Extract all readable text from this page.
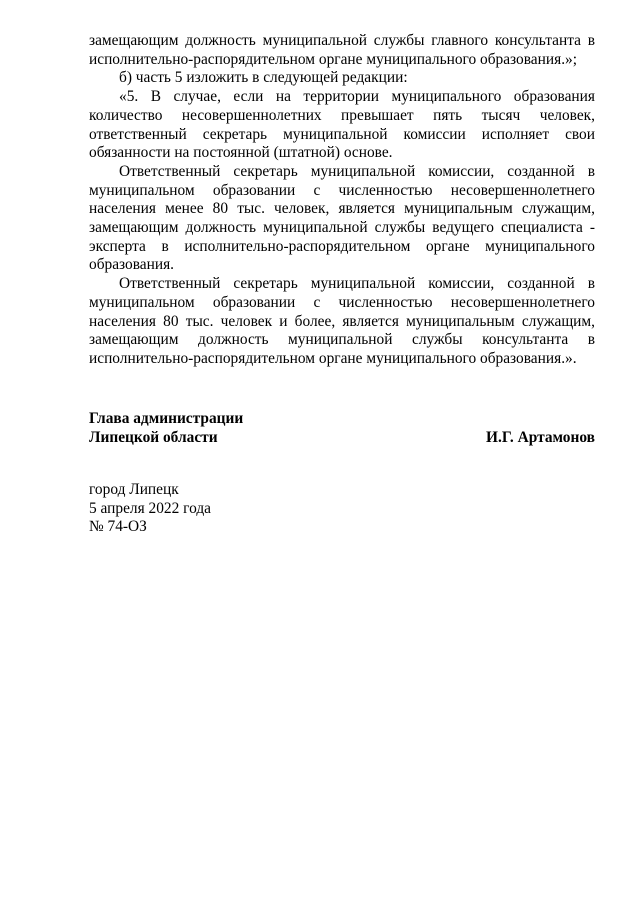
замещающим должность муниципальной службы главного консультанта в исполнительно-распорядительном органе муниципального образования.»;

б) часть 5 изложить в следующей редакции:

«5. В случае, если на территории муниципального образования количество несовершеннолетних превышает пять тысяч человек, ответственный секретарь муниципальной комиссии исполняет свои обязанности на постоянной (штатной) основе.

Ответственный секретарь муниципальной комиссии, созданной в муниципальном образовании с численностью несовершеннолетнего населения менее 80 тыс. человек, является муниципальным служащим, замещающим должность муниципальной службы ведущего специалиста - эксперта в исполнительно-распорядительном органе муниципального образования.

Ответственный секретарь муниципальной комиссии, созданной в муниципальном образовании с численностью несовершеннолетнего населения 80 тыс. человек и более, является муниципальным служащим, замещающим должность муниципальной службы консультанта в исполнительно-распорядительном органе муниципального образования.».

Глава администрации
Липецкой области	И.Г. Артамонов
город Липецк
5 апреля 2022 года
№ 74-ОЗ
